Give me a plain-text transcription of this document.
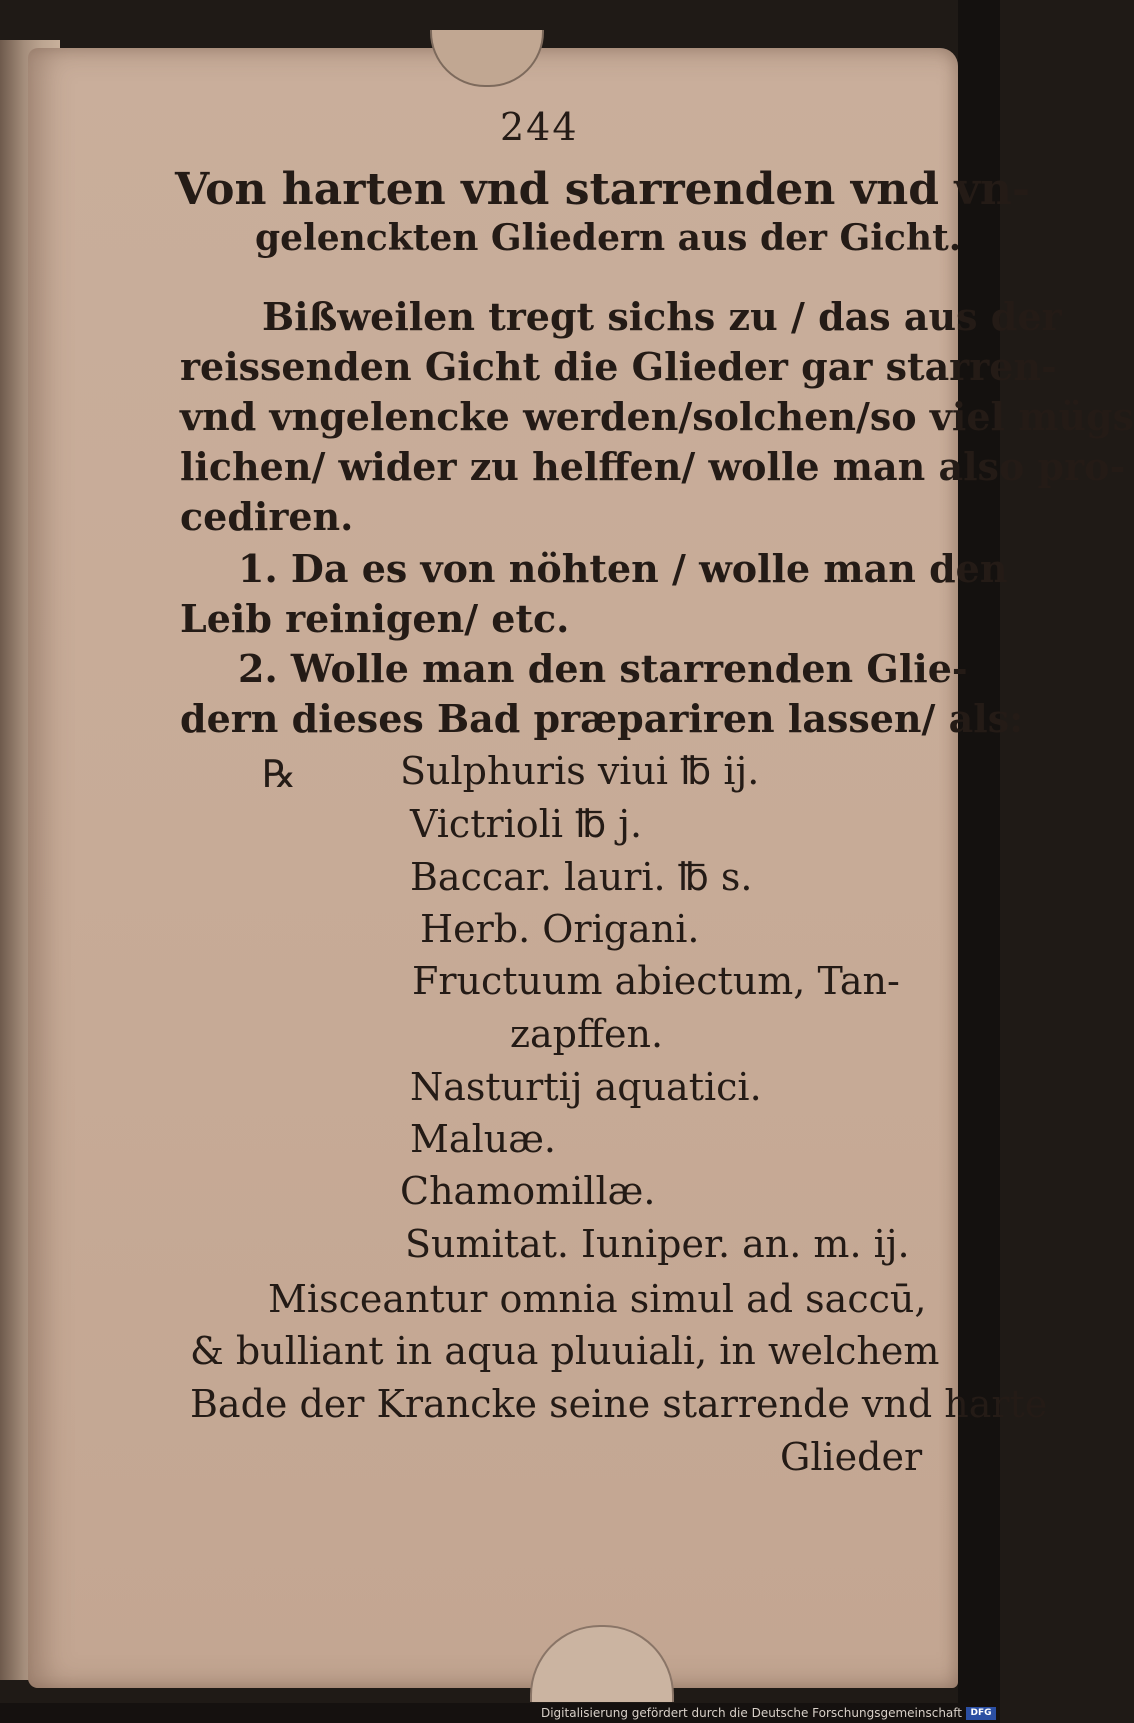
244
Von harten vnd starrenden vnd vn-
gelenckten Gliedern aus der Gicht.
Bißweilen tregt sichs zu / das aus der
reissenden Gicht die Glieder gar starren-
vnd vngelencke werden/solchen/so viel mügs
lichen/ wider zu helffen/ wolle man also pro-
cediren.
1. Da es von nöhten / wolle man den
Leib reinigen/ etc.
2. Wolle man den starrenden Glie-
dern dieses Bad præpariren lassen/ als:
℞	Sulphuris viui ℔ ij.
Victrioli ℔ j.
Baccar. lauri. ℔ s.
Herb. Origani.
Fructuum abiectum, Tan-
zapffen.
Nasturtij aquatici.
Maluæ.
Chamomillæ.
Sumitat. Iuniper. an. m. ij.
Misceantur omnia simul ad saccū,
& bulliant in aqua pluuiali, in welchem
Bade der Krancke seine starrende vnd harte
Glieder
Digitalisierung gefördert durch die Deutsche Forschungsgemeinschaft DFG
